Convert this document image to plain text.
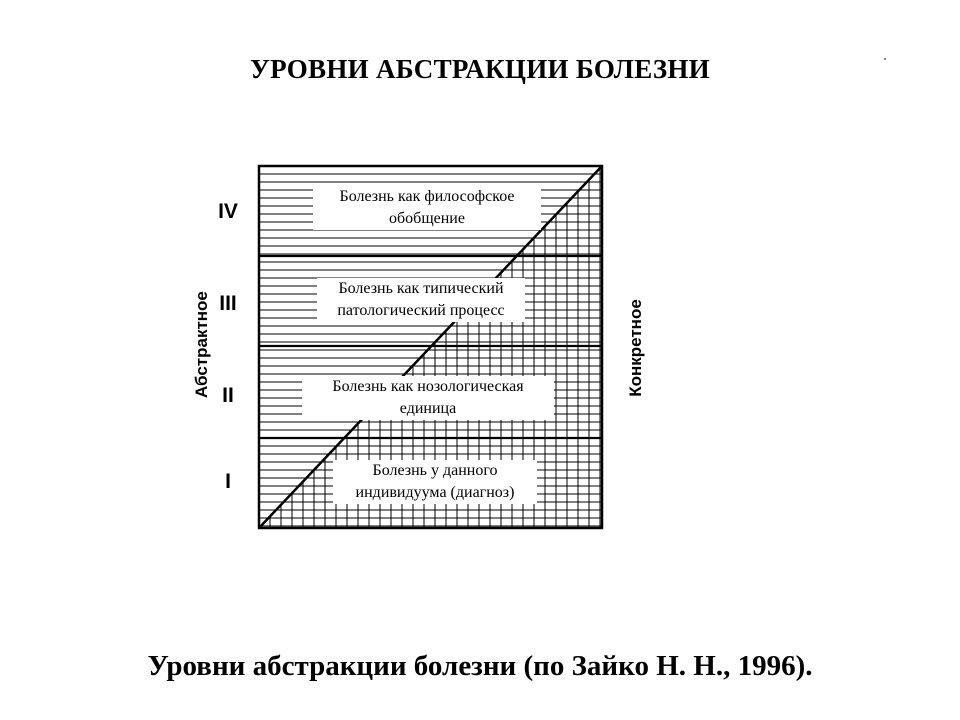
УРОВНИ АБСТРАКЦИИ БОЛЕЗНИ
Абстрактное	Конкретное
IV
III
II
I
Болезнь как философское
обобщение
Болезнь как типический
патологический процесс
Болезнь как нозологическая
единица
Болезнь у данного
индивидуума (диагноз)
Уровни абстракции болезни (по Зайко Н. Н., 1996).
